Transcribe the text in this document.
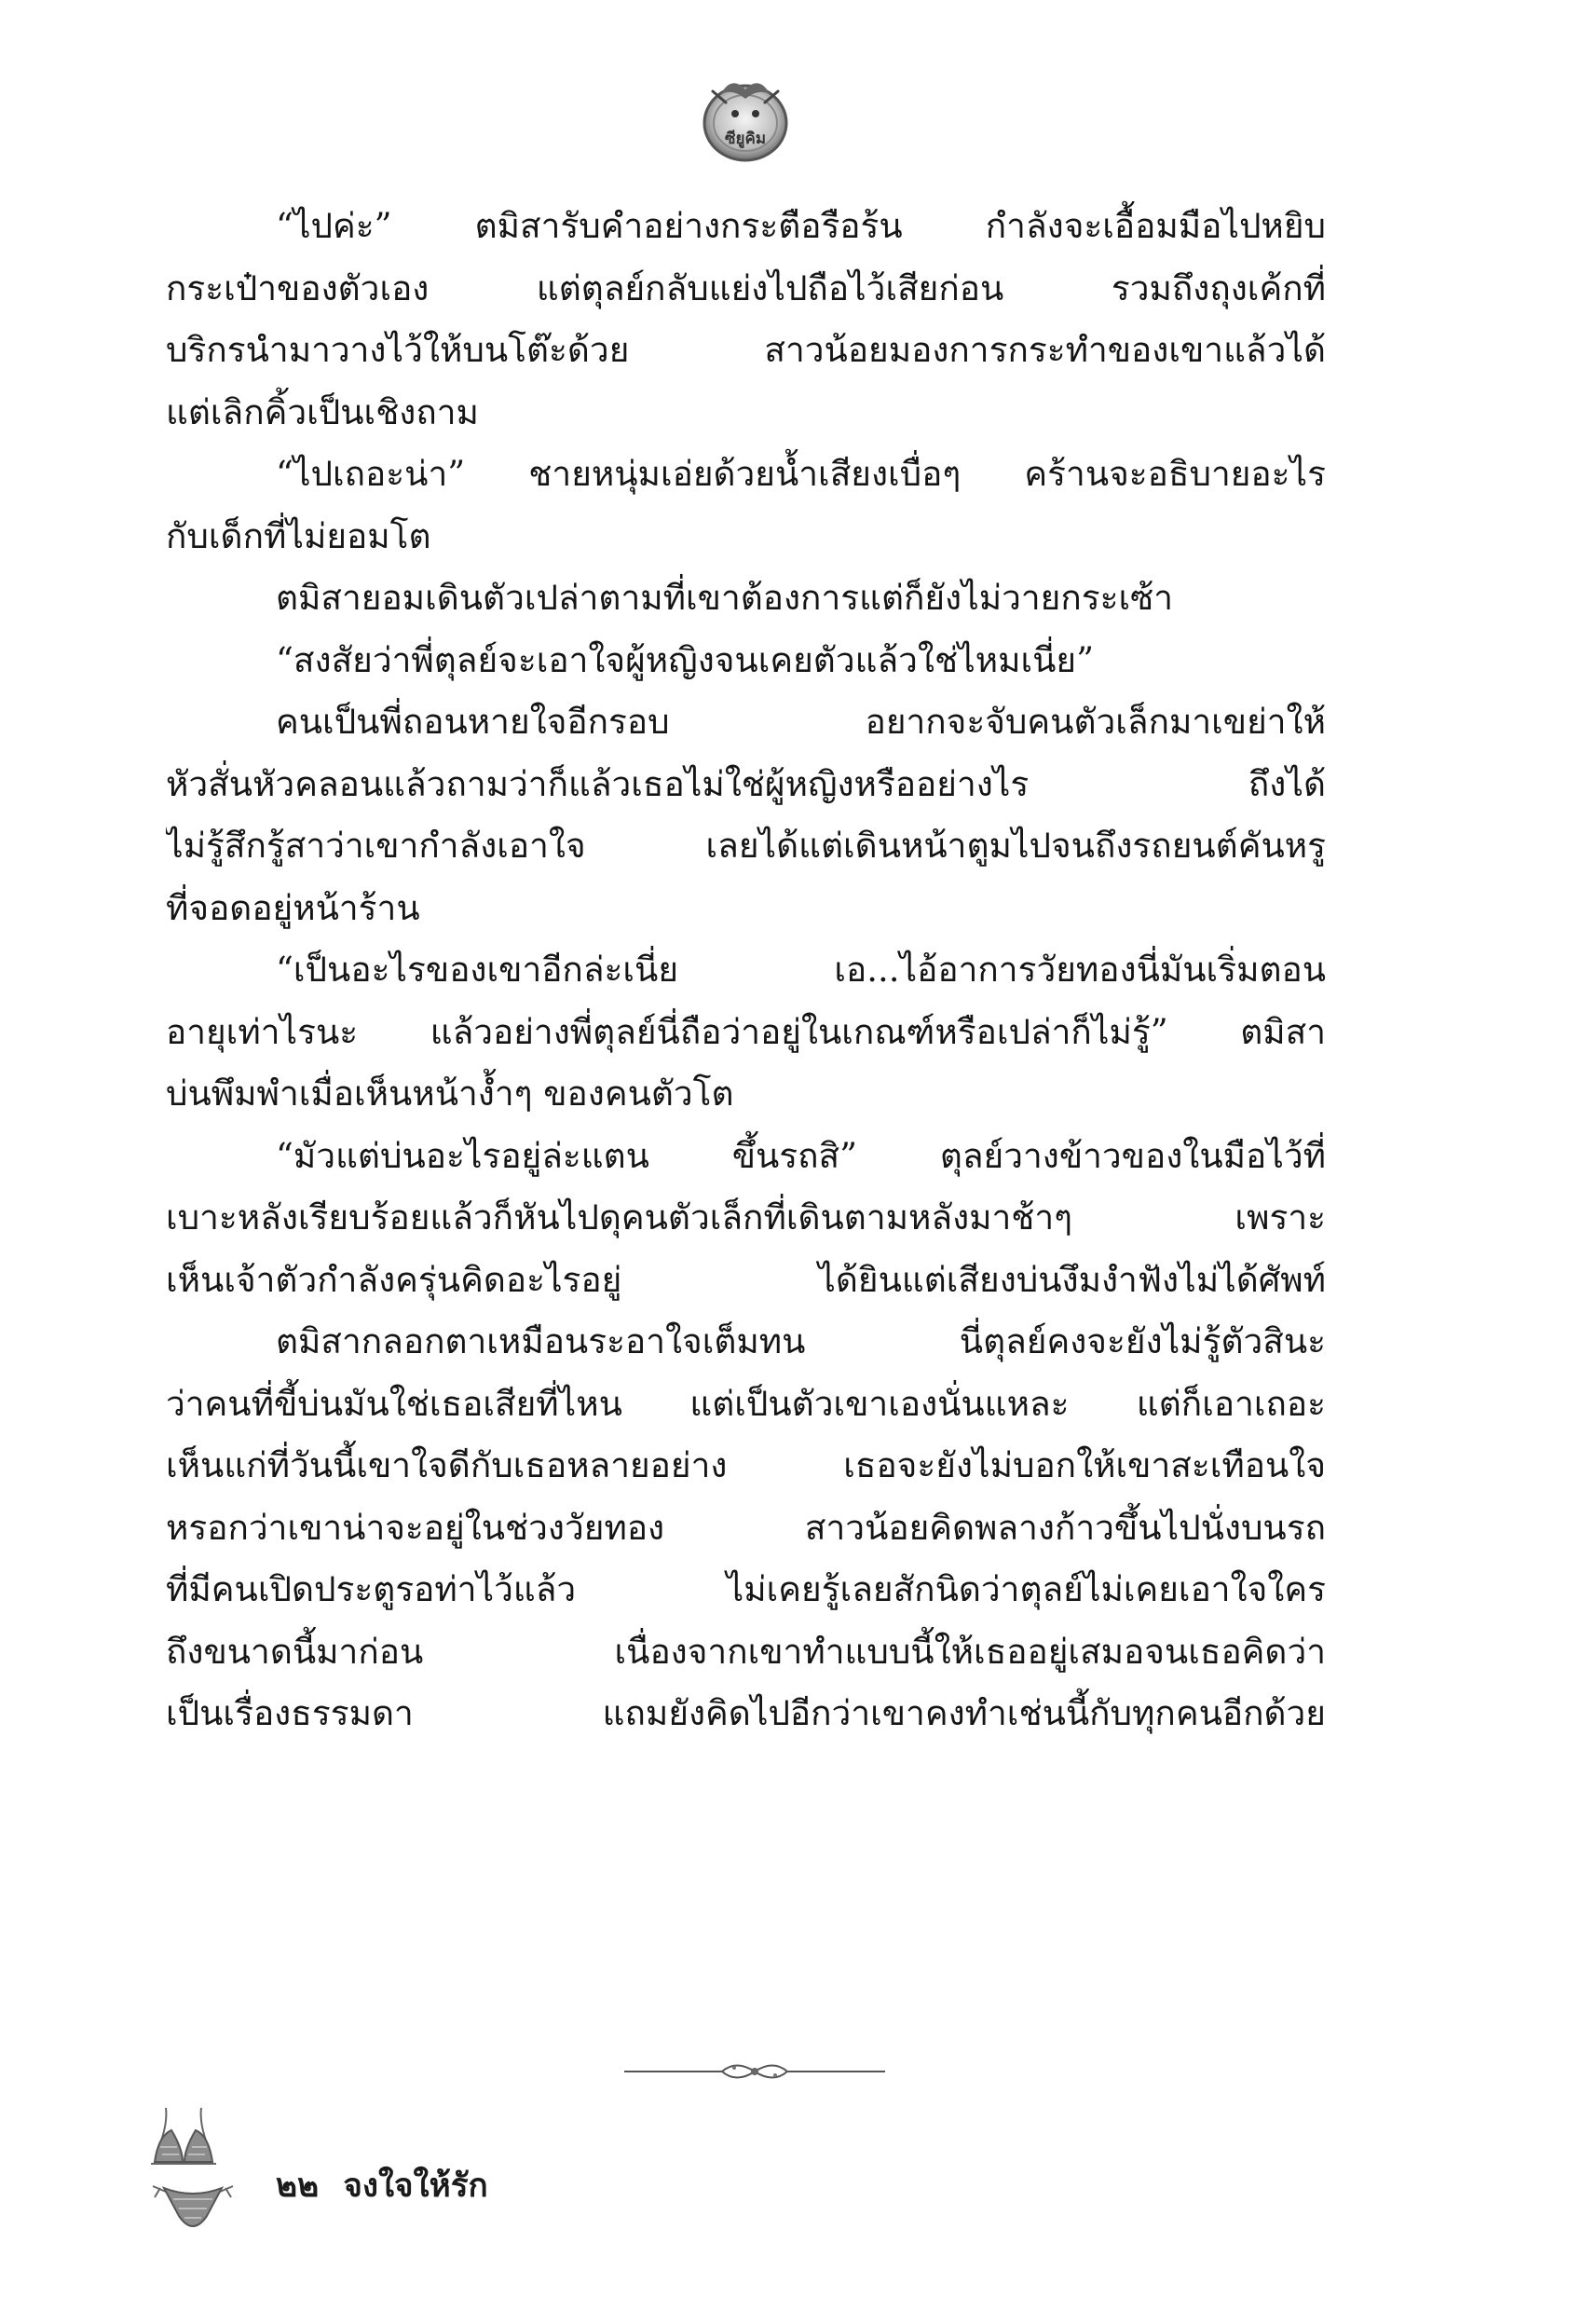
ซียูคิม
“ไปค่ะ” ตมิสารับคำอย่างกระตือรือร้น กำลังจะเอื้อมมือไปหยิบ
กระเป๋าของตัวเอง แต่ตุลย์กลับแย่งไปถือไว้เสียก่อน รวมถึงถุงเค้กที่
บริกรนำมาวางไว้ให้บนโต๊ะด้วย สาวน้อยมองการกระทำของเขาแล้วได้
แต่เลิกคิ้วเป็นเชิงถาม
“ไปเถอะน่า” ชายหนุ่มเอ่ยด้วยน้ำเสียงเบื่อๆ คร้านจะอธิบายอะไร
กับเด็กที่ไม่ยอมโต
ตมิสายอมเดินตัวเปล่าตามที่เขาต้องการแต่ก็ยังไม่วายกระเซ้า
“สงสัยว่าพี่ตุลย์จะเอาใจผู้หญิงจนเคยตัวแล้วใช่ไหมเนี่ย”
คนเป็นพี่ถอนหายใจอีกรอบ อยากจะจับคนตัวเล็กมาเขย่าให้
หัวสั่นหัวคลอนแล้วถามว่าก็แล้วเธอไม่ใช่ผู้หญิงหรืออย่างไร ถึงได้
ไม่รู้สึกรู้สาว่าเขากำลังเอาใจ เลยได้แต่เดินหน้าตูมไปจนถึงรถยนต์คันหรู
ที่จอดอยู่หน้าร้าน
“เป็นอะไรของเขาอีกล่ะเนี่ย เอ...ไอ้อาการวัยทองนี่มันเริ่มตอน
อายุเท่าไรนะ แล้วอย่างพี่ตุลย์นี่ถือว่าอยู่ในเกณฑ์หรือเปล่าก็ไม่รู้” ตมิสา
บ่นพึมพำเมื่อเห็นหน้างํ้าๆ ของคนตัวโต
“มัวแต่บ่นอะไรอยู่ล่ะแตน ขึ้นรถสิ” ตุลย์วางข้าวของในมือไว้ที่
เบาะหลังเรียบร้อยแล้วก็หันไปดุคนตัวเล็กที่เดินตามหลังมาช้าๆ เพราะ
เห็นเจ้าตัวกำลังครุ่นคิดอะไรอยู่ ได้ยินแต่เสียงบ่นงึมงำฟังไม่ได้ศัพท์
ตมิสากลอกตาเหมือนระอาใจเต็มทน นี่ตุลย์คงจะยังไม่รู้ตัวสินะ
ว่าคนที่ขี้บ่นมันใช่เธอเสียที่ไหน แต่เป็นตัวเขาเองนั่นแหละ แต่ก็เอาเถอะ
เห็นแก่ที่วันนี้เขาใจดีกับเธอหลายอย่าง เธอจะยังไม่บอกให้เขาสะเทือนใจ
หรอกว่าเขาน่าจะอยู่ในช่วงวัยทอง สาวน้อยคิดพลางก้าวขึ้นไปนั่งบนรถ
ที่มีคนเปิดประตูรอท่าไว้แล้ว ไม่เคยรู้เลยสักนิดว่าตุลย์ไม่เคยเอาใจใคร
ถึงขนาดนี้มาก่อน เนื่องจากเขาทำแบบนี้ให้เธออยู่เสมอจนเธอคิดว่า
เป็นเรื่องธรรมดา แถมยังคิดไปอีกว่าเขาคงทำเช่นนี้กับทุกคนอีกด้วย
๒๒ จงใจให้รัก
